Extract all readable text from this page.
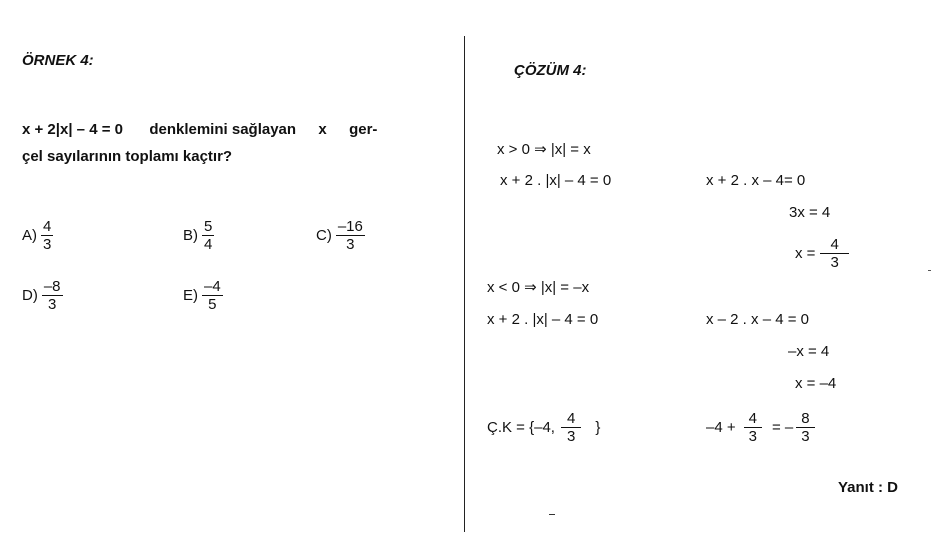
ÖRNEK 4:
x + 2|x| – 4 = 0 denklemini sağlayan x ger-
çel sayılarının toplamı kaçtır?
$A) \frac{4}{3}$	$B) \frac{5}{4}$	$C) \frac{-16}{3}$
$D) \frac{-8}{3}$	$E) \frac{-4}{5}$
ÇÖZÜM 4:
x > 0 ⇒ |x| = x
x + 2 . |x| – 4 = 0	x + 2 . x – 4= 0
3x = 4
$x = \frac{4}{3}$
x < 0 ⇒ |x| = –x
x + 2 . |x| – 4 = 0	x – 2 . x – 4 = 0
–x = 4
x = –4
Ç.K = {–4, $\frac{4}{3}$ }	$-4 + \frac{4}{3}$ = – $\frac{8}{3}$
Yanıt : D
